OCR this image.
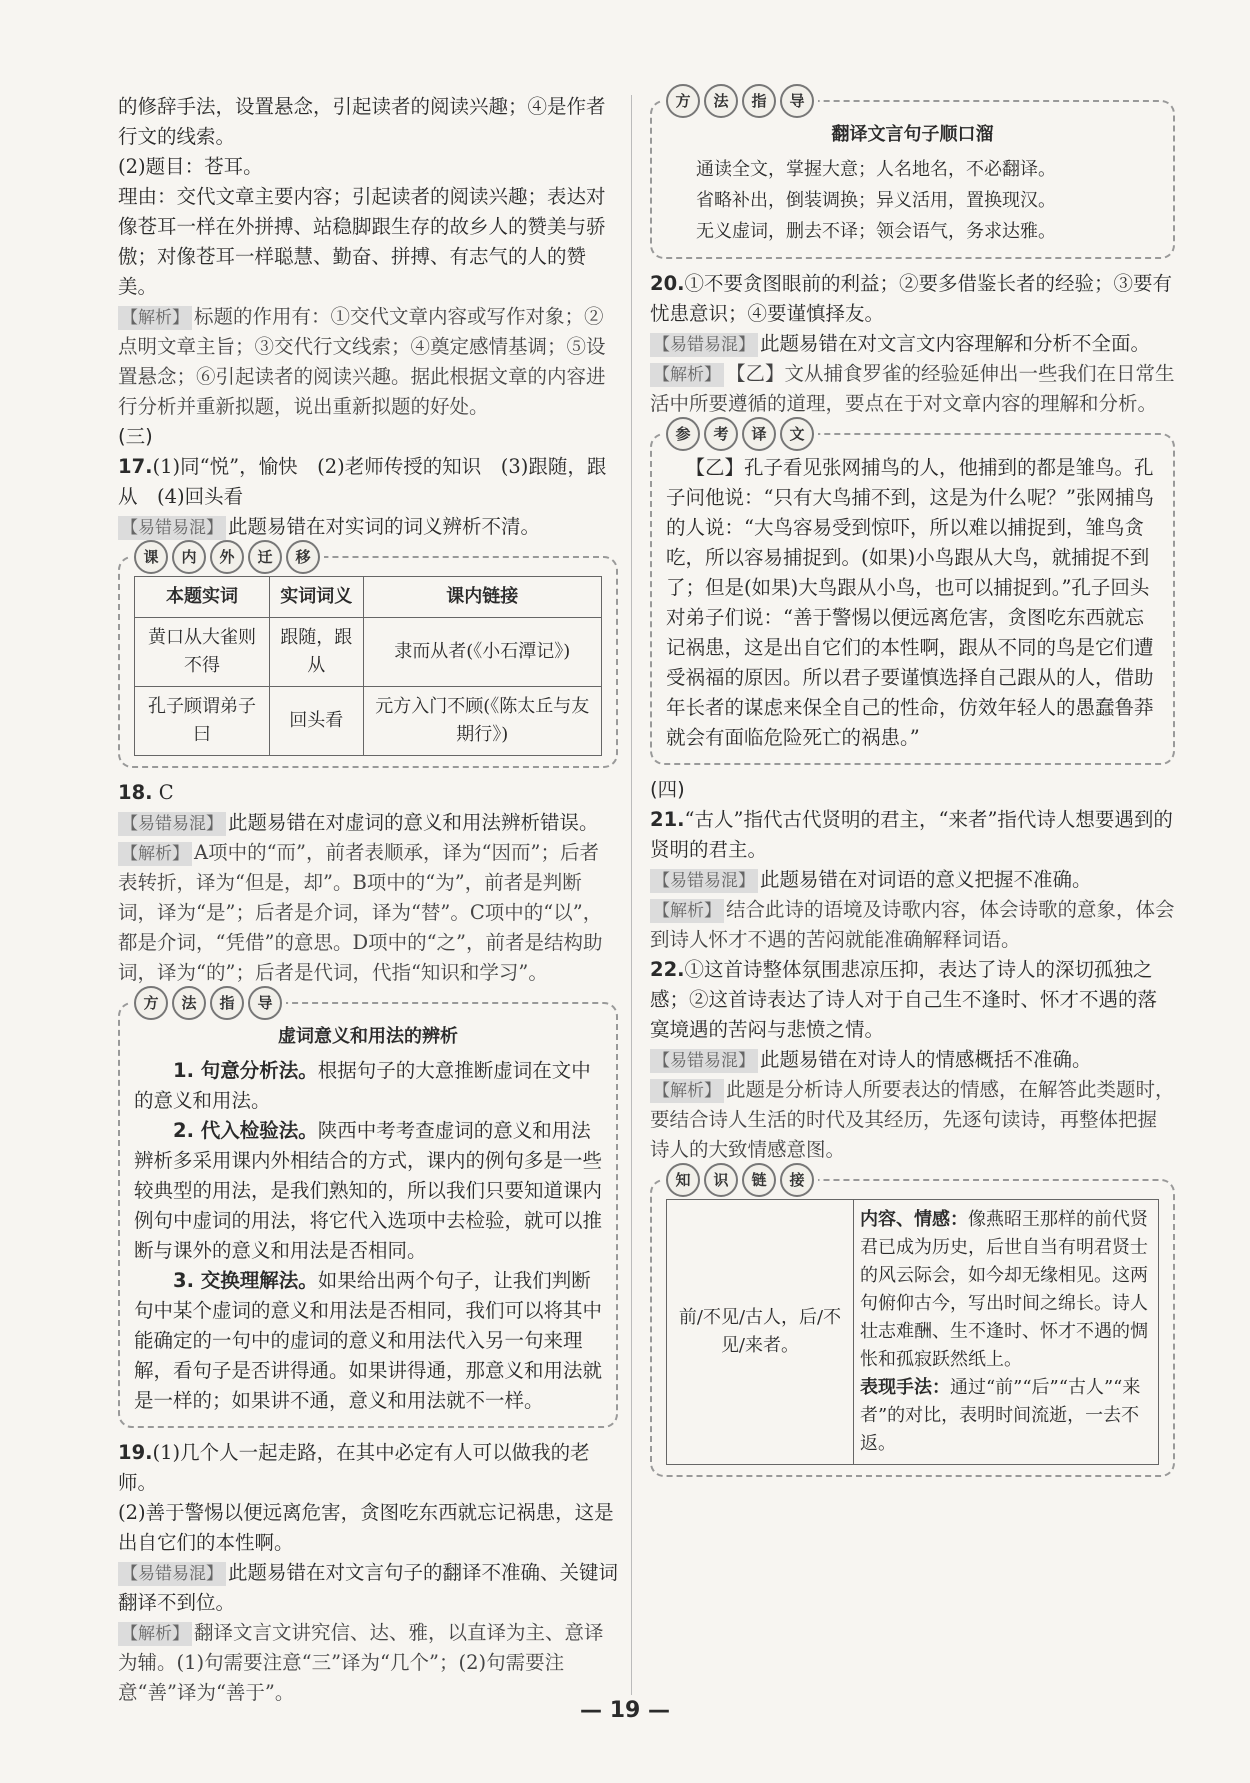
的修辞手法，设置悬念，引起读者的阅读兴趣；④是作者行文的线索。

(2)题目：苍耳。

理由：交代文章主要内容；引起读者的阅读兴趣；表达对像苍耳一样在外拼搏、站稳脚跟生存的故乡人的赞美与骄傲；对像苍耳一样聪慧、勤奋、拼搏、有志气的人的赞美。

【解析】 标题的作用有：①交代文章内容或写作对象；②点明文章主旨；③交代行文线索；④奠定感情基调；⑤设置悬念；⑥引起读者的阅读兴趣。据此根据文章的内容进行分析并重新拟题，说出重新拟题的好处。

(三)

17.(1)同“悦”，愉快　(2)老师传授的知识　(3)跟随，跟从　(4)回头看

【易错易混】 此题易错在对实词的词义辨析不清。

课	内	外	迁	移
本题实词	实词词义	课内链接
黄口从大雀则不得	跟随，跟从	隶而从者(《小石潭记》)
孔子顾谓弟子曰	回头看	元方入门不顾(《陈太丘与友期行》)

18. C

【易错易混】 此题易错在对虚词的意义和用法辨析错误。

【解析】 A项中的“而”，前者表顺承，译为“因而”；后者表转折，译为“但是，却”。B项中的“为”，前者是判断词，译为“是”；后者是介词，译为“替”。C项中的“以”，都是介词，“凭借”的意思。D项中的“之”，前者是结构助词，译为“的”；后者是代词，代指“知识和学习”。

方	法	指	导
虚词意义和用法的辨析

1. 句意分析法。根据句子的大意推断虚词在文中的意义和用法。

2. 代入检验法。陕西中考考查虚词的意义和用法辨析多采用课内外相结合的方式，课内的例句多是一些较典型的用法，是我们熟知的，所以我们只要知道课内例句中虚词的用法，将它代入选项中去检验，就可以推断与课外的意义和用法是否相同。

3. 交换理解法。如果给出两个句子，让我们判断句中某个虚词的意义和用法是否相同，我们可以将其中能确定的一句中的虚词的意义和用法代入另一句来理解，看句子是否讲得通。如果讲得通，那意义和用法就是一样的；如果讲不通，意义和用法就不一样。

19.(1)几个人一起走路，在其中必定有人可以做我的老师。

(2)善于警惕以便远离危害，贪图吃东西就忘记祸患，这是出自它们的本性啊。

【易错易混】 此题易错在对文言句子的翻译不准确、关键词翻译不到位。

【解析】 翻译文言文讲究信、达、雅，以直译为主、意译为辅。(1)句需要注意“三”译为“几个”；(2)句需要注意“善”译为“善于”。

方	法	指	导
翻译文言句子顺口溜

通读全文，掌握大意；人名地名，不必翻译。

省略补出，倒装调换；异义活用，置换现汉。

无义虚词，删去不译；领会语气，务求达雅。

20.①不要贪图眼前的利益；②要多借鉴长者的经验；③要有忧患意识；④要谨慎择友。

【易错易混】 此题易错在对文言文内容理解和分析不全面。

【解析】 【乙】文从捕食罗雀的经验延伸出一些我们在日常生活中所要遵循的道理，要点在于对文章内容的理解和分析。

参	考	译	文

【乙】孔子看见张网捕鸟的人，他捕到的都是雏鸟。孔子问他说：“只有大鸟捕不到，这是为什么呢？”张网捕鸟的人说：“大鸟容易受到惊吓，所以难以捕捉到，雏鸟贪吃，所以容易捕捉到。(如果)小鸟跟从大鸟，就捕捉不到了；但是(如果)大鸟跟从小鸟，也可以捕捉到。”孔子回头对弟子们说：“善于警惕以便远离危害，贪图吃东西就忘记祸患，这是出自它们的本性啊，跟从不同的鸟是它们遭受祸福的原因。所以君子要谨慎选择自己跟从的人，借助年长者的谋虑来保全自己的性命，仿效年轻人的愚蠢鲁莽就会有面临危险死亡的祸患。”

(四)

21.“古人”指代古代贤明的君主，“来者”指代诗人想要遇到的贤明的君主。

【易错易混】 此题易错在对词语的意义把握不准确。

【解析】 结合此诗的语境及诗歌内容，体会诗歌的意象，体会到诗人怀才不遇的苦闷就能准确解释词语。

22.①这首诗整体氛围悲凉压抑，表达了诗人的深切孤独之感；②这首诗表达了诗人对于自己生不逢时、怀才不遇的落寞境遇的苦闷与悲愤之情。

【易错易混】 此题易错在对诗人的情感概括不准确。

【解析】 此题是分析诗人所要表达的情感，在解答此类题时，要结合诗人生活的时代及其经历，先逐句读诗，再整体把握诗人的大致情感意图。

知	识	链	接
前/不见/古人，后/不见/来者。	

内容、情感：像燕昭王那样的前代贤君已成为历史，后世自当有明君贤士的风云际会，如今却无缘相见。这两句俯仰古今，写出时间之绵长。诗人壮志难酬、生不逢时、怀才不遇的惆怅和孤寂跃然纸上。

表现手法：通过“前”“后”“古人”“来者”的对比，表明时间流逝，一去不返。

— 19 —
